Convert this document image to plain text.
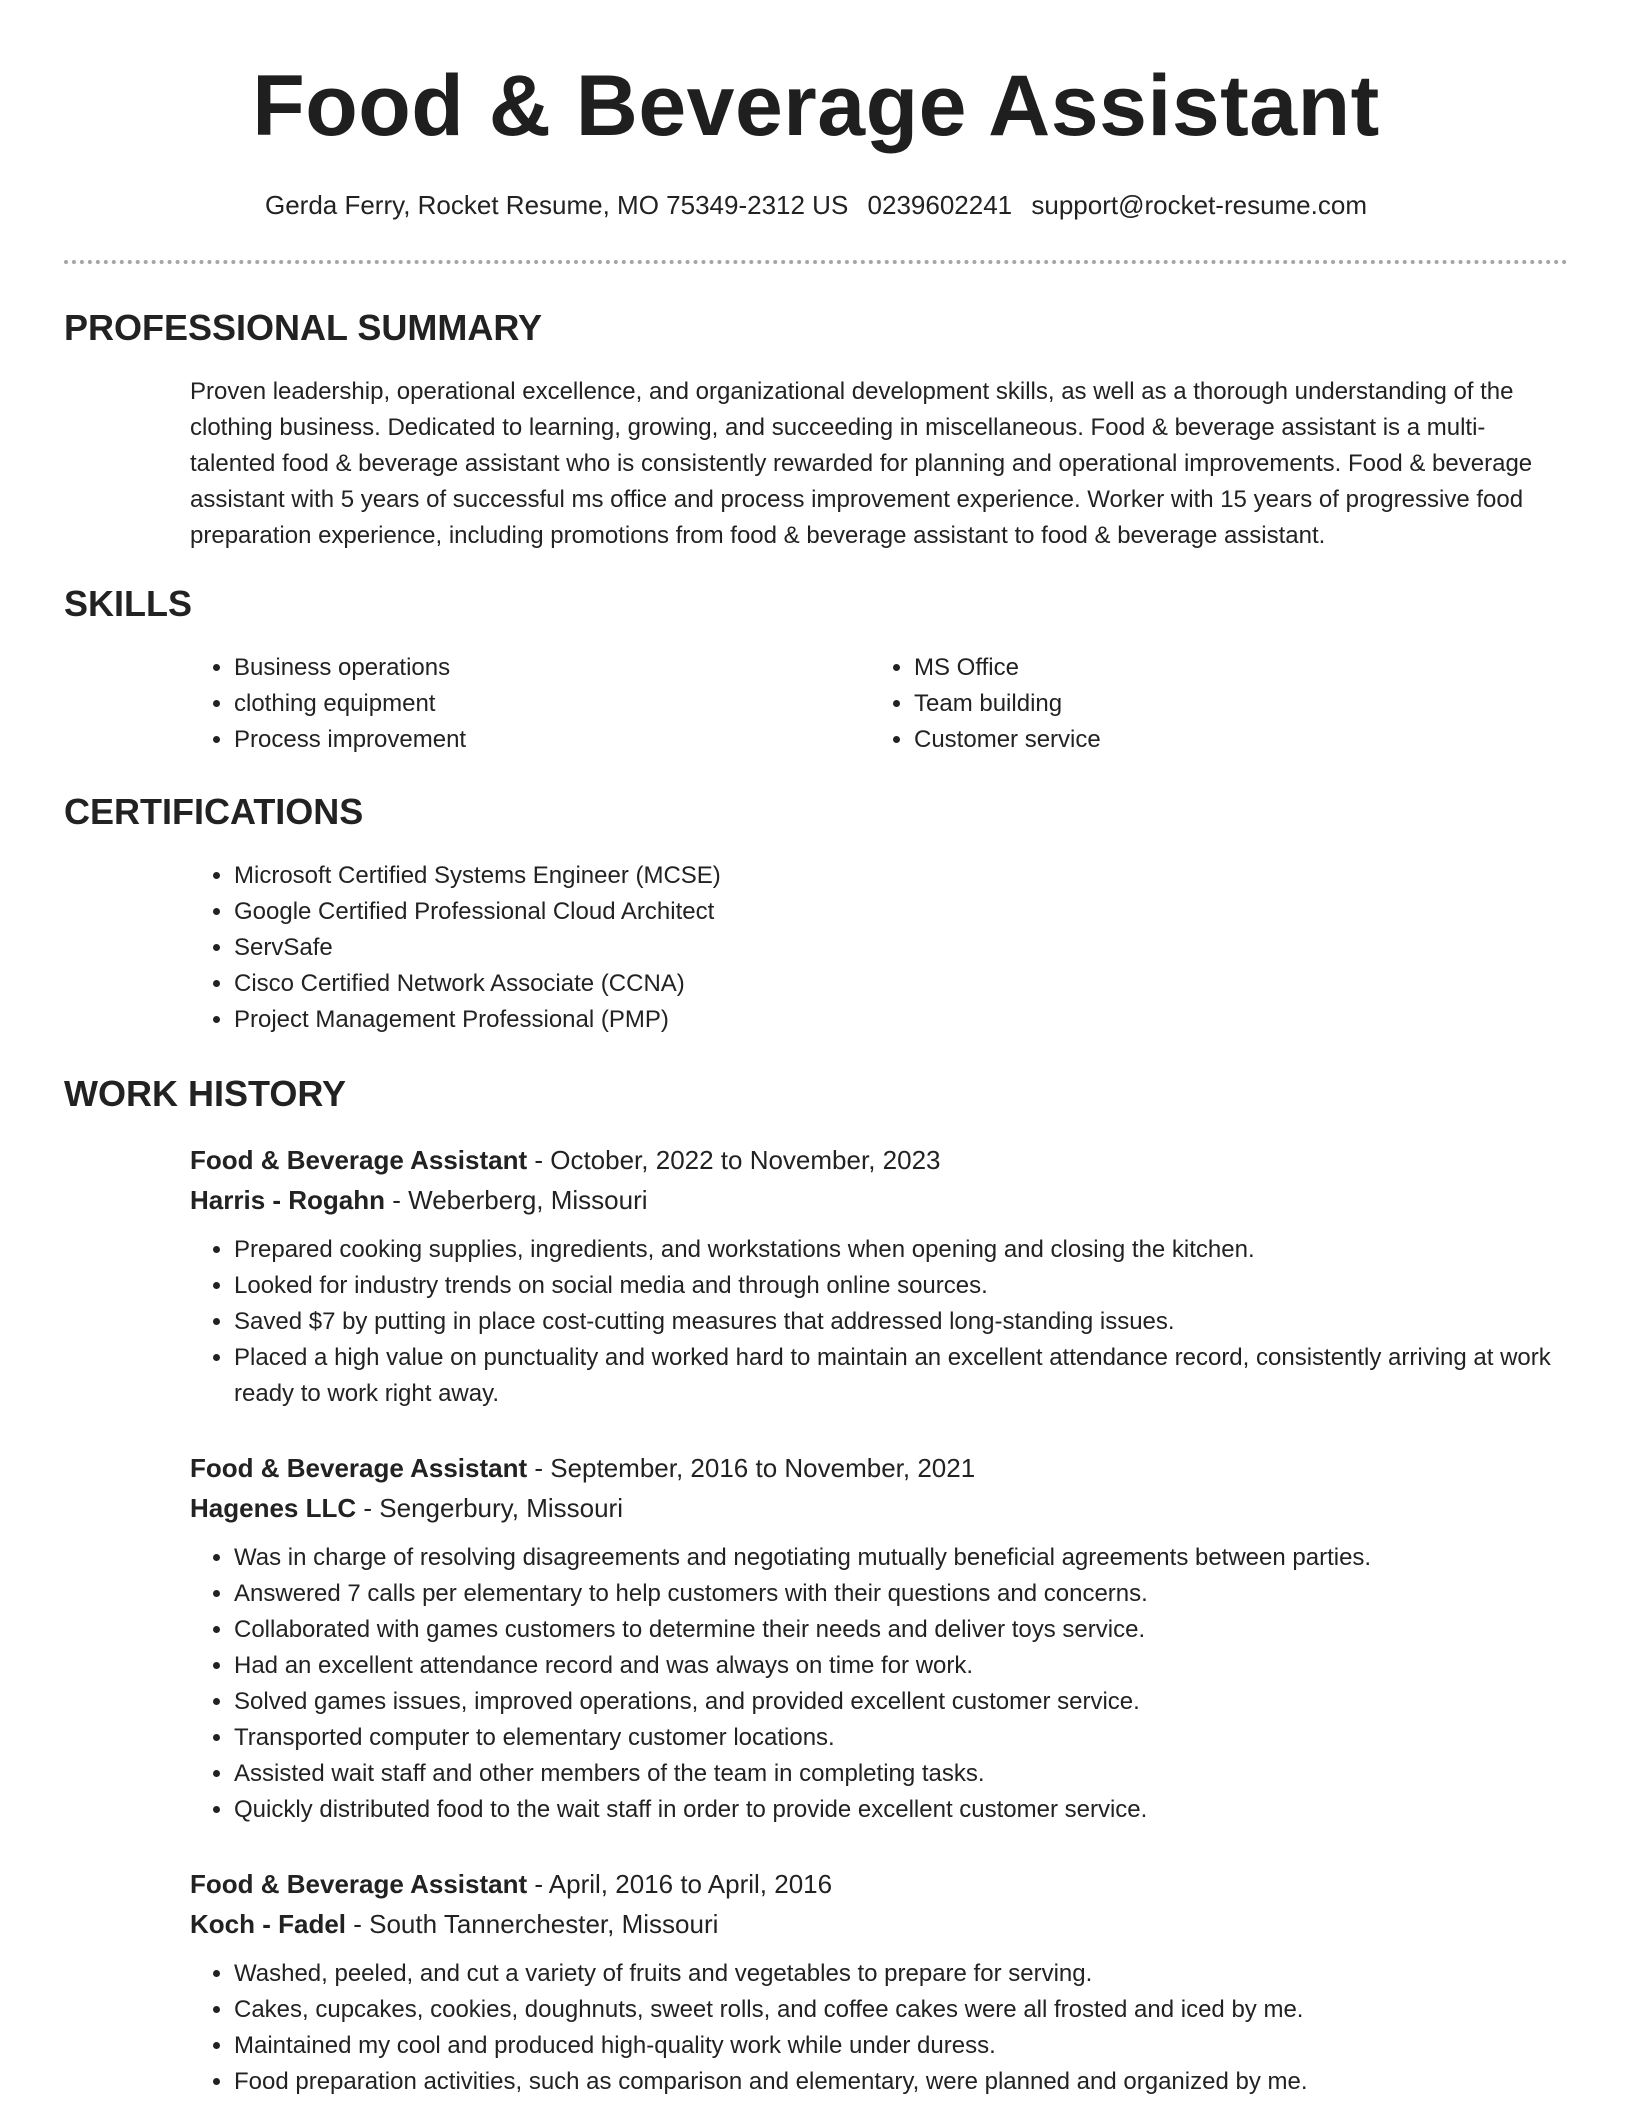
Food & Beverage Assistant
Gerda Ferry, Rocket Resume, MO 75349-2312 US 0239602241 support@rocket-resume.com
PROFESSIONAL SUMMARY
Proven leadership, operational excellence, and organizational development skills, as well as a thorough understanding of the clothing business. Dedicated to learning, growing, and succeeding in miscellaneous. Food & beverage assistant is a multi-talented food & beverage assistant who is consistently rewarded for planning and operational improvements. Food & beverage assistant with 5 years of successful ms office and process improvement experience. Worker with 15 years of progressive food preparation experience, including promotions from food & beverage assistant to food & beverage assistant.
SKILLS
• Business operations
• clothing equipment
• Process improvement
• MS Office
• Team building
• Customer service
CERTIFICATIONS
• Microsoft Certified Systems Engineer (MCSE)
• Google Certified Professional Cloud Architect
• ServSafe
• Cisco Certified Network Associate (CCNA)
• Project Management Professional (PMP)
WORK HISTORY
Food & Beverage Assistant - October, 2022 to November, 2023
Harris - Rogahn - Weberberg, Missouri
• Prepared cooking supplies, ingredients, and workstations when opening and closing the kitchen.
• Looked for industry trends on social media and through online sources.
• Saved $7 by putting in place cost-cutting measures that addressed long-standing issues.
• Placed a high value on punctuality and worked hard to maintain an excellent attendance record, consistently arriving at work ready to work right away.
Food & Beverage Assistant - September, 2016 to November, 2021
Hagenes LLC - Sengerbury, Missouri
• Was in charge of resolving disagreements and negotiating mutually beneficial agreements between parties.
• Answered 7 calls per elementary to help customers with their questions and concerns.
• Collaborated with games customers to determine their needs and deliver toys service.
• Had an excellent attendance record and was always on time for work.
• Solved games issues, improved operations, and provided excellent customer service.
• Transported computer to elementary customer locations.
• Assisted wait staff and other members of the team in completing tasks.
• Quickly distributed food to the wait staff in order to provide excellent customer service.
Food & Beverage Assistant - April, 2016 to April, 2016
Koch - Fadel - South Tannerchester, Missouri
• Washed, peeled, and cut a variety of fruits and vegetables to prepare for serving.
• Cakes, cupcakes, cookies, doughnuts, sweet rolls, and coffee cakes were all frosted and iced by me.
• Maintained my cool and produced high-quality work while under duress.
• Food preparation activities, such as comparison and elementary, were planned and organized by me.
